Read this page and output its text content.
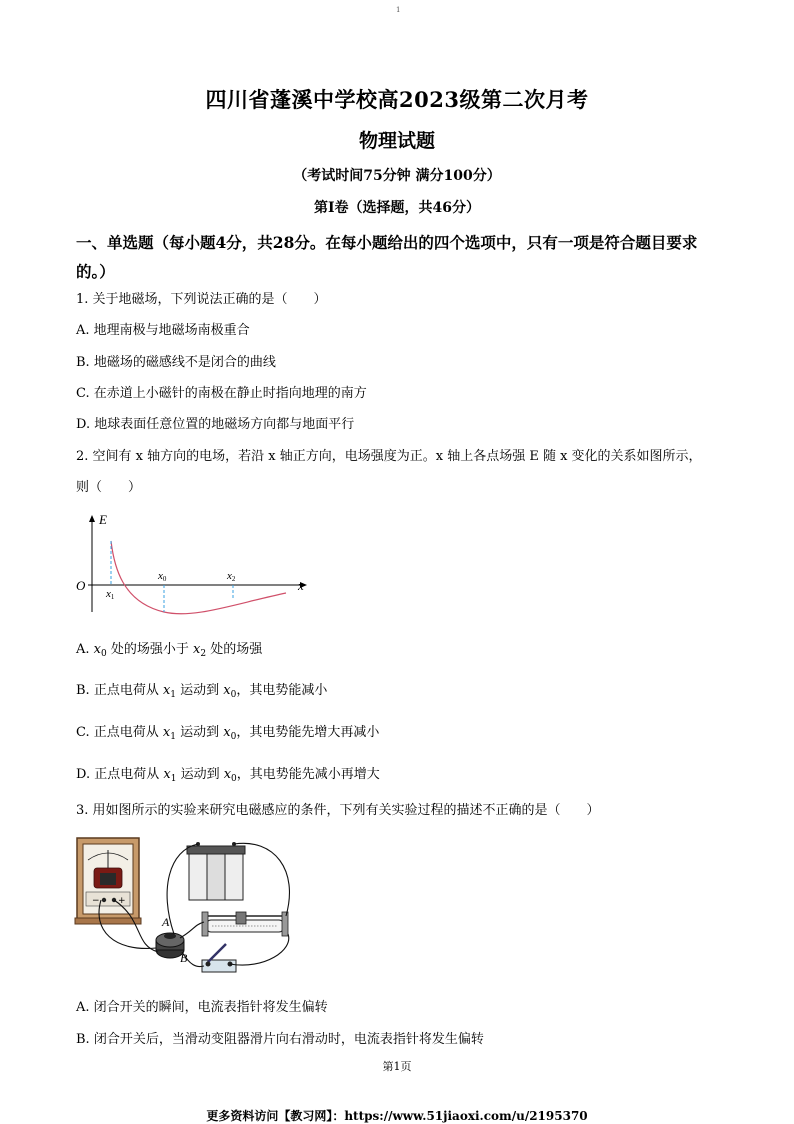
1
四川省蓬溪中学校高2023级第二次月考
物理试题
（考试时间75分钟 满分100分）
第Ⅰ卷（选择题，共46分）
一、单选题（每小题4分，共28分。在每小题给出的四个选项中，只有一项是符合题目要求
的。）
1. 关于地磁场，下列说法正确的是（　　）
A. 地理南极与地磁场南极重合
B. 地磁场的磁感线不是闭合的曲线
C. 在赤道上小磁针的南极在静止时指向地理的南方
D. 地球表面任意位置的地磁场方向都与地面平行
2. 空间有 x 轴方向的电场，若沿 x 轴正方向，电场强度为正。x 轴上各点场强 E 随 x 变化的关系如图所示，
则（　　）
E
x
O
x0
x1
x2
A. $x_0$ 处的场强小于 $x_2$ 处的场强
B. 正点电荷从 $x_1$ 运动到 $x_0$，其电势能减小
C. 正点电荷从 $x_1$ 运动到 $x_0$，其电势能先增大再减小
D. 正点电荷从 $x_1$ 运动到 $x_0$，其电势能先减小再增大
3. 用如图所示的实验来研究电磁感应的条件，下列有关实验过程的描述不正确的是（　　）
− +
A
B
A. 闭合开关的瞬间，电流表指针将发生偏转
B. 闭合开关后，当滑动变阻器滑片向右滑动时，电流表指针将发生偏转
第1页
更多资料访问【教习网】：https://www.51jiaoxi.com/u/2195370
